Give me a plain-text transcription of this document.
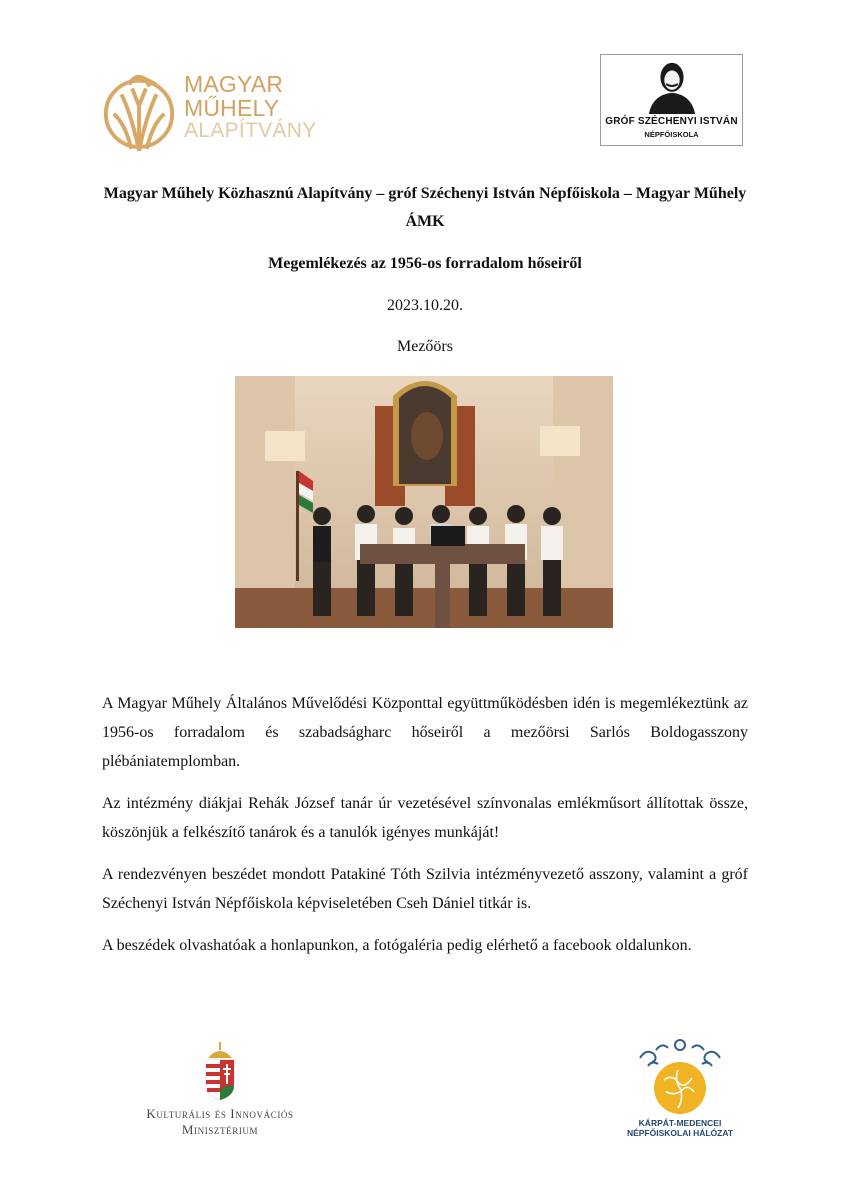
MAGYAR MŰHELY
ALAPÍTVÁNY	GRÓF SZÉCHENYI ISTVÁN
NÉPFŐISKOLA
Magyar Műhely Közhasznú Alapítvány – gróf Széchenyi István Népfőiskola – Magyar Műhely ÁMK
Megemlékezés az 1956-os forradalom hőseiről
2023.10.20.
Mezőörs

A Magyar Műhely Általános Művelődési Központtal együttműködésben idén is megemlékeztünk az 1956-os forradalom és szabadságharc hőseiről a mezőörsi Sarlós Boldogasszony plébániatemplomban.

Az intézmény diákjai Rehák József tanár úr vezetésével színvonalas emlékműsort állítottak össze, köszönjük a felkészítő tanárok és a tanulók igényes munkáját!

A rendezvényen beszédet mondott Patakiné Tóth Szilvia intézményvezető asszony, valamint a gróf Széchenyi István Népfőiskola képviseletében Cseh Dániel titkár is.

A beszédek olvashatóak a honlapunkon, a fotógaléria pedig elérhető a facebook oldalunkon.

Kulturális és Innovációs
Minisztérium	KÁRPÁT-MEDENCEI
NÉPFŐISKOLAI HÁLÓZAT
